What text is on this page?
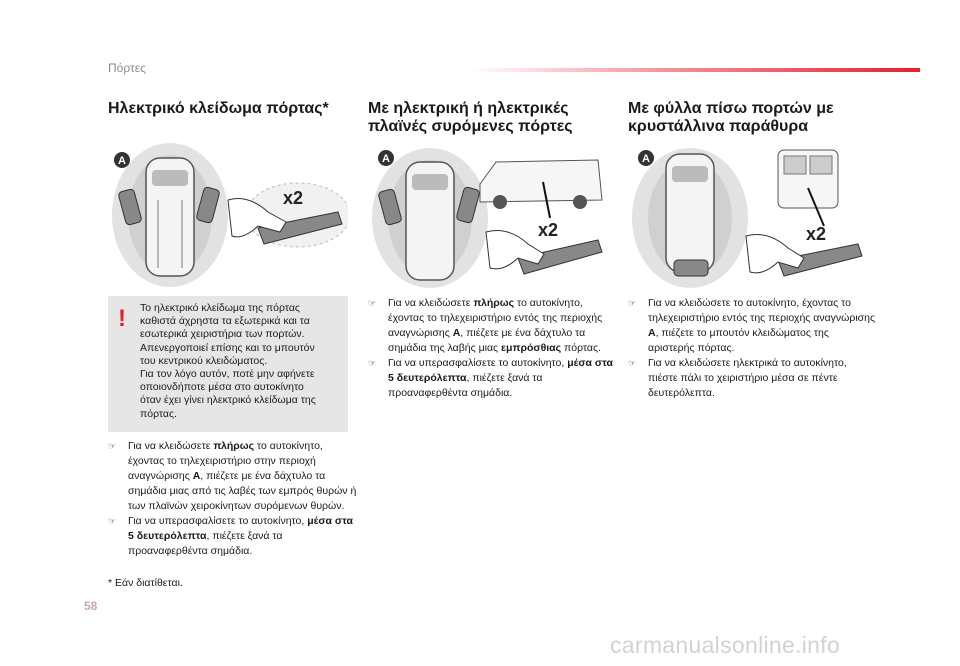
Πόρτες
Ηλεκτρικό κλείδωμα πόρτας* Με ηλεκτρική ή ηλεκτρικές
πλαϊνές συρόμενες πόρτες
Με φύλλα πίσω πορτών με
κρυστάλλινα παράθυρα
A
x2
A
x2
A
x2
! Το ηλεκτρικό κλείδωμα της πόρτας
καθιστά άχρηστα τα εξωτερικά και τα
εσωτερικά χειριστήρια των πορτών.
Απενεργοποιεί επίσης και το μπουτόν
του κεντρικού κλειδώματος.
Για τον λόγο αυτόν, ποτέ μην αφήνετε
οποιονδήποτε μέσα στο αυτοκίνητο
όταν έχει γίνει ηλεκτρικό κλείδωμα της
πόρτας.
☞ Για να κλειδώσετε πλήρως το αυτοκίνητο, έχοντας το τηλεχειριστήριο στην περιοχή αναγνώρισης A, πιέζετε με ένα δάχτυλο τα σημάδια μιας από τις λαβές των εμπρός θυρών ή των πλαϊνών χειροκίνητων συρόμενων θυρών.
☞ Για να υπερασφαλίσετε το αυτοκίνητο, μέσα στα 5 δευτερόλεπτα, πιέζετε ξανά τα προαναφερθέντα σημάδια.
☞ Για να κλειδώσετε πλήρως το αυτοκίνητο, έχοντας το τηλεχειριστήριο εντός της περιοχής αναγνώρισης A, πιέζετε με ένα δάχτυλο τα σημάδια της λαβής μιας εμπρόσθιας πόρτας.
☞ Για να υπερασφαλίσετε το αυτοκίνητο, μέσα στα 5 δευτερόλεπτα, πιέζετε ξανά τα προαναφερθέντα σημάδια.
☞ Για να κλειδώσετε το αυτοκίνητο, έχοντας το τηλεχειριστήριο εντός της περιοχής αναγνώρισης A, πιέζετε το μπουτόν κλειδώματος της αριστερής πόρτας.
☞ Για να κλειδώσετε ηλεκτρικά το αυτοκίνητο, πιέστε πάλι το χειριστήριο μέσα σε πέντε δευτερόλεπτα.
* Εάν διατίθεται.
58
carmanualsonline.info
